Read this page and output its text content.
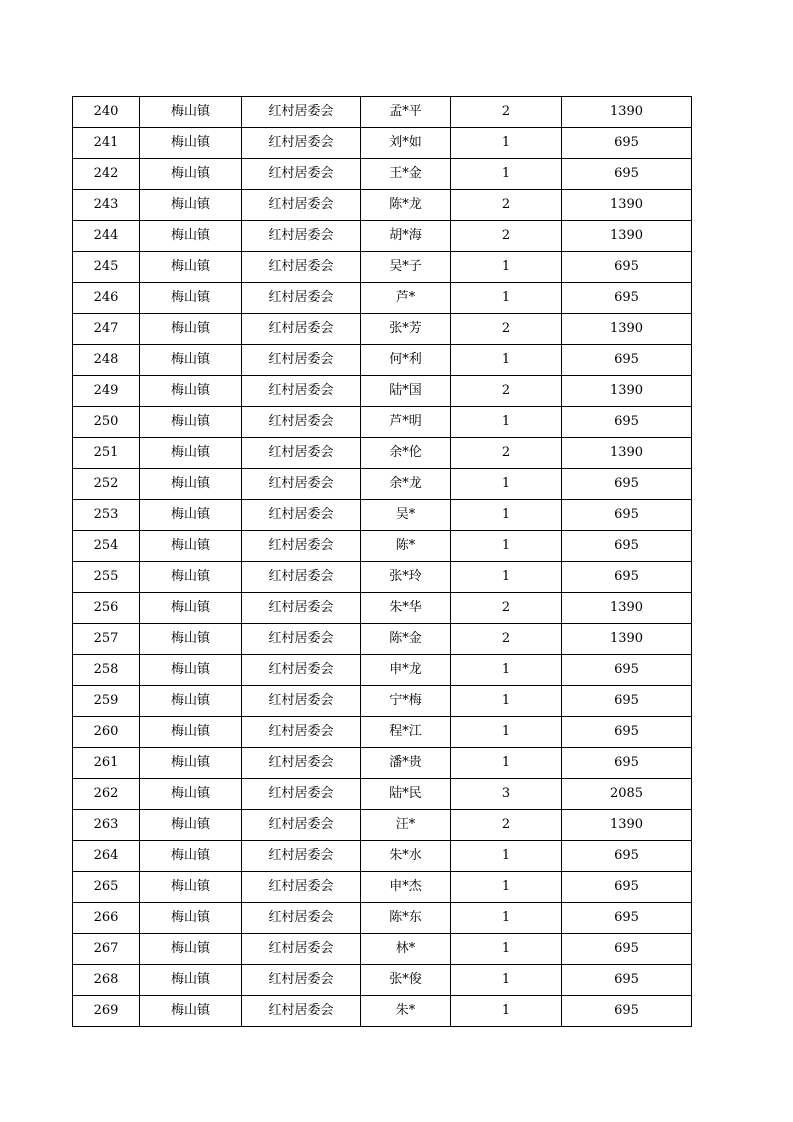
240	梅山镇	红村居委会	孟*平	2	1390
241	梅山镇	红村居委会	刘*如	1	695
242	梅山镇	红村居委会	王*金	1	695
243	梅山镇	红村居委会	陈*龙	2	1390
244	梅山镇	红村居委会	胡*海	2	1390
245	梅山镇	红村居委会	吴*子	1	695
246	梅山镇	红村居委会	芦*	1	695
247	梅山镇	红村居委会	张*芳	2	1390
248	梅山镇	红村居委会	何*利	1	695
249	梅山镇	红村居委会	陆*国	2	1390
250	梅山镇	红村居委会	芦*明	1	695
251	梅山镇	红村居委会	余*伦	2	1390
252	梅山镇	红村居委会	余*龙	1	695
253	梅山镇	红村居委会	吴*	1	695
254	梅山镇	红村居委会	陈*	1	695
255	梅山镇	红村居委会	张*玲	1	695
256	梅山镇	红村居委会	朱*华	2	1390
257	梅山镇	红村居委会	陈*金	2	1390
258	梅山镇	红村居委会	申*龙	1	695
259	梅山镇	红村居委会	宁*梅	1	695
260	梅山镇	红村居委会	程*江	1	695
261	梅山镇	红村居委会	潘*贵	1	695
262	梅山镇	红村居委会	陆*民	3	2085
263	梅山镇	红村居委会	汪*	2	1390
264	梅山镇	红村居委会	朱*水	1	695
265	梅山镇	红村居委会	申*杰	1	695
266	梅山镇	红村居委会	陈*东	1	695
267	梅山镇	红村居委会	林*	1	695
268	梅山镇	红村居委会	张*俊	1	695
269	梅山镇	红村居委会	朱*	1	695
